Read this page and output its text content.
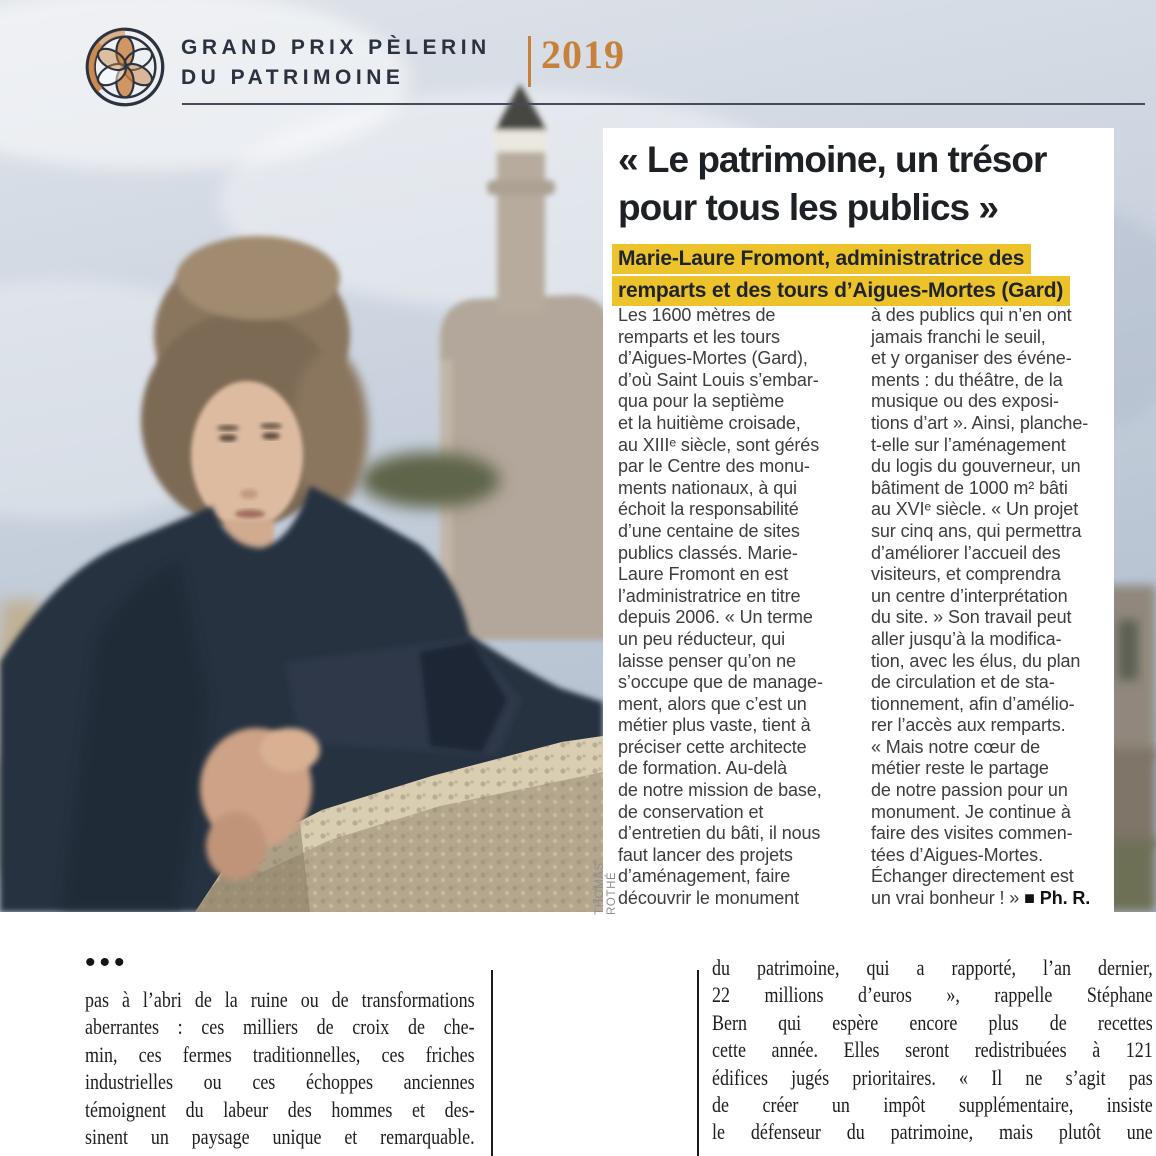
GRAND PRIX PÈLERIN
DU PATRIMOINE
2019
« Le patrimoine, un trésor
pour tous les publics »
Marie-Laure Fromont, administratrice des
remparts et des tours d’Aigues-Mortes (Gard)
Les 1600 mètres de
remparts et les tours
d’Aigues-Mortes (Gard),
d’où Saint Louis s’embar-
qua pour la septième
et la huitième croisade,
au XIIIᵉ siècle, sont gérés
par le Centre des monu-
ments nationaux, à qui
échoit la responsabilité
d’une centaine de sites
publics classés. Marie-
Laure Fromont en est
l’administratrice en titre
depuis 2006. « Un terme
un peu réducteur, qui
laisse penser qu’on ne
s’occupe que de manage-
ment, alors que c’est un
métier plus vaste, tient à
préciser cette architecte
de formation. Au-delà
de notre mission de base,
de conservation et
d’entretien du bâti, il nous
faut lancer des projets
d’aménagement, faire
découvrir le monument
à des publics qui n’en ont
jamais franchi le seuil,
et y organiser des événe-
ments : du théâtre, de la
musique ou des exposi-
tions d’art ». Ainsi, planche-
t-elle sur l’aménagement
du logis du gouverneur, un
bâtiment de 1000 m² bâti
au XVIᵉ siècle. « Un projet
sur cinq ans, qui permettra
d’améliorer l’accueil des
visiteurs, et comprendra
un centre d’interprétation
du site. » Son travail peut
aller jusqu’à la modifica-
tion, avec les élus, du plan
de circulation et de sta-
tionnement, afin d’amélio-
rer l’accès aux remparts.
« Mais notre cœur de
métier reste le partage
de notre passion pour un
monument. Je continue à
faire des visites commen-
tées d’Aigues-Mortes.
Échanger directement est
un vrai bonheur ! » ■ Ph. R.
THOMAS ROTHÉ
•••
pas à l’abri de la ruine ou de transformations
aberrantes : ces milliers de croix de che-
min, ces fermes traditionnelles, ces friches
industrielles ou ces échoppes anciennes
témoignent du labeur des hommes et des-
sinent un paysage unique et remarquable.
du patrimoine, qui a rapporté, l’an dernier,
22 millions d’euros », rappelle Stéphane
Bern qui espère encore plus de recettes
cette année. Elles seront redistribuées à 121
édifices jugés prioritaires. « Il ne s’agit pas
de créer un impôt supplémentaire, insiste
le défenseur du patrimoine, mais plutôt une
